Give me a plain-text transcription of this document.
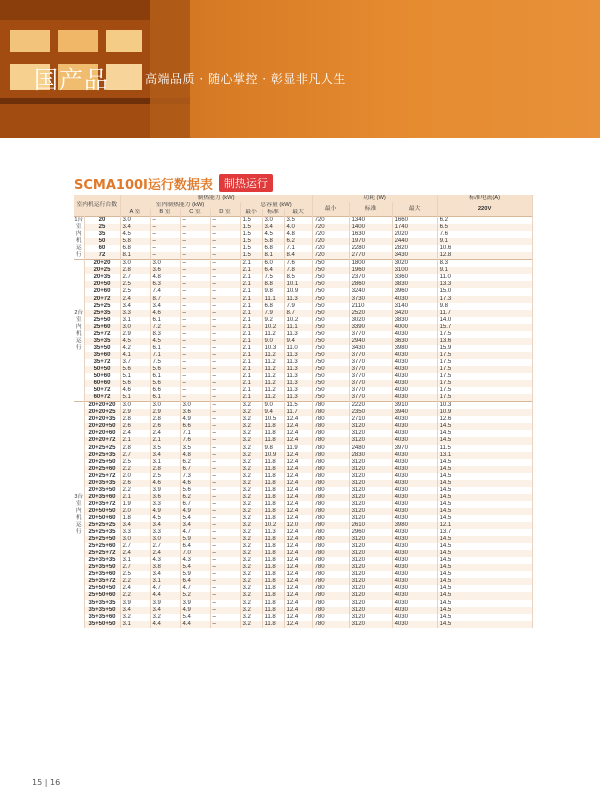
国产品	高端品质 · 随心掌控 · 彰显非凡人生
SCMA100I运行数据表	制热运行
室内机运行台数		制热能力 (kW)							功耗 (W)			标准电流(A)
		室内制热能力 (kW)				总容量 (kW)			最小	标准	最大	220V
		A 室	B 室	C 室	D 室	最小	标准	最大				
1台
室内机
运行	20	3.0	–	–	–	1.5	3.0	3.5	720	1340	1660	6.2
	25	3.4	–	–	–	1.5	3.4	4.0	720	1400	1740	6.5
	35	4.5	–	–	–	1.5	4.5	4.8	720	1630	2020	7.6
	50	5.8	–	–	–	1.5	5.8	6.2	720	1970	2440	9.1
	60	6.8	–	–	–	1.5	6.8	7.1	720	2280	2820	10.6
	72	8.1	–	–	–	1.5	8.1	8.4	720	2770	3430	12.8
2台
室内机
运行	20+20	3.0	3.0	–	–	2.1	6.0	7.6	750	1800	3020	8.3
	20+25	2.8	3.6	–	–	2.1	6.4	7.8	750	1960	3100	9.1
	20+35	2.7	4.8	–	–	2.1	7.5	8.5	750	2370	3360	11.0
	20+50	2.5	6.3	–	–	2.1	8.8	10.1	750	2860	3830	13.3
	20+60	2.5	7.4	–	–	2.1	9.8	10.9	750	3240	3960	15.0
	20+72	2.4	8.7	–	–	2.1	11.1	11.3	750	3730	4030	17.3
	25+25	3.4	3.4	–	–	2.1	6.8	7.9	750	2110	3140	9.8
	25+35	3.3	4.6	–	–	2.1	7.9	8.7	750	2520	3420	11.7
	25+50	3.1	6.1	–	–	2.1	9.2	10.2	750	3020	3830	14.0
	25+60	3.0	7.2	–	–	2.1	10.2	11.1	750	3390	4000	15.7
	25+72	2.9	8.3	–	–	2.1	11.2	11.3	750	3770	4030	17.5
	35+35	4.5	4.5	–	–	2.1	9.0	9.4	750	2940	3630	13.6
	35+50	4.2	6.1	–	–	2.1	10.3	11.0	750	3430	3980	15.9
	35+60	4.1	7.1	–	–	2.1	11.2	11.3	750	3770	4030	17.5
	35+72	3.7	7.5	–	–	2.1	11.2	11.3	750	3770	4030	17.5
	50+50	5.6	5.6	–	–	2.1	11.2	11.3	750	3770	4030	17.5
	50+60	5.1	6.1	–	–	2.1	11.2	11.3	750	3770	4030	17.5
	60+60	5.6	5.6	–	–	2.1	11.2	11.3	750	3770	4030	17.5
	50+72	4.6	6.6	–	–	2.1	11.2	11.3	750	3770	4030	17.5
	60+72	5.1	6.1	–	–	2.1	11.2	11.3	750	3770	4030	17.5
3台
室内机
运行	20+20+20	3.0	3.0	3.0	–	3.2	9.0	11.5	780	2220	3910	10.3
	20+20+25	2.9	2.9	3.6	–	3.2	9.4	11.7	780	2350	3940	10.9
	20+20+35	2.8	2.8	4.9	–	3.2	10.5	12.4	780	2710	4030	12.6
	20+20+50	2.6	2.6	6.6	–	3.2	11.8	12.4	780	3120	4030	14.5
	20+20+60	2.4	2.4	7.1	–	3.2	11.8	12.4	780	3120	4030	14.5
	20+20+72	2.1	2.1	7.6	–	3.2	11.8	12.4	780	3120	4030	14.5
	20+25+25	2.8	3.5	3.5	–	3.2	9.8	11.9	780	2480	3970	11.5
	20+25+35	2.7	3.4	4.8	–	3.2	10.9	12.4	780	2830	4030	13.1
	20+25+50	2.5	3.1	6.2	–	3.2	11.8	12.4	780	3120	4030	14.5
	20+25+60	2.2	2.8	6.7	–	3.2	11.8	12.4	780	3120	4030	14.5
	20+25+72	2.0	2.5	7.3	–	3.2	11.8	12.4	780	3120	4030	14.5
	20+35+35	2.6	4.6	4.6	–	3.2	11.8	12.4	780	3120	4030	14.5
	20+35+50	2.2	3.9	5.6	–	3.2	11.8	12.4	780	3120	4030	14.5
	20+35+60	2.1	3.6	6.2	–	3.2	11.8	12.4	780	3120	4030	14.5
	20+35+72	1.9	3.3	6.7	–	3.2	11.8	12.4	780	3120	4030	14.5
	20+50+50	2.0	4.9	4.9	–	3.2	11.8	12.4	780	3120	4030	14.5
	20+50+60	1.8	4.5	5.4	–	3.2	11.8	12.4	780	3120	4030	14.5
	25+25+25	3.4	3.4	3.4	–	3.2	10.2	12.0	780	2610	3980	12.1
	25+25+35	3.3	3.3	4.7	–	3.2	11.3	12.4	780	2960	4030	13.7
	25+25+50	3.0	3.0	5.9	–	3.2	11.8	12.4	780	3120	4030	14.5
	25+25+60	2.7	2.7	6.4	–	3.2	11.8	12.4	780	3120	4030	14.5
	25+25+72	2.4	2.4	7.0	–	3.2	11.8	12.4	780	3120	4030	14.5
	25+35+35	3.1	4.3	4.3	–	3.2	11.8	12.4	780	3120	4030	14.5
	25+35+50	2.7	3.8	5.4	–	3.2	11.8	12.4	780	3120	4030	14.5
	25+35+60	2.5	3.4	5.9	–	3.2	11.8	12.4	780	3120	4030	14.5
	25+35+72	2.2	3.1	6.4	–	3.2	11.8	12.4	780	3120	4030	14.5
	25+50+50	2.4	4.7	4.7	–	3.2	11.8	12.4	780	3120	4030	14.5
	25+50+60	2.2	4.4	5.2	–	3.2	11.8	12.4	780	3120	4030	14.5
	35+35+35	3.9	3.9	3.9	–	3.2	11.8	12.4	780	3120	4030	14.5
	35+35+50	3.4	3.4	4.9	–	3.2	11.8	12.4	780	3120	4030	14.5
	35+35+60	3.2	3.2	5.4	–	3.2	11.8	12.4	780	3120	4030	14.5
	35+50+50	3.1	4.4	4.4	–	3.2	11.8	12.4	780	3120	4030	14.5
15 | 16
